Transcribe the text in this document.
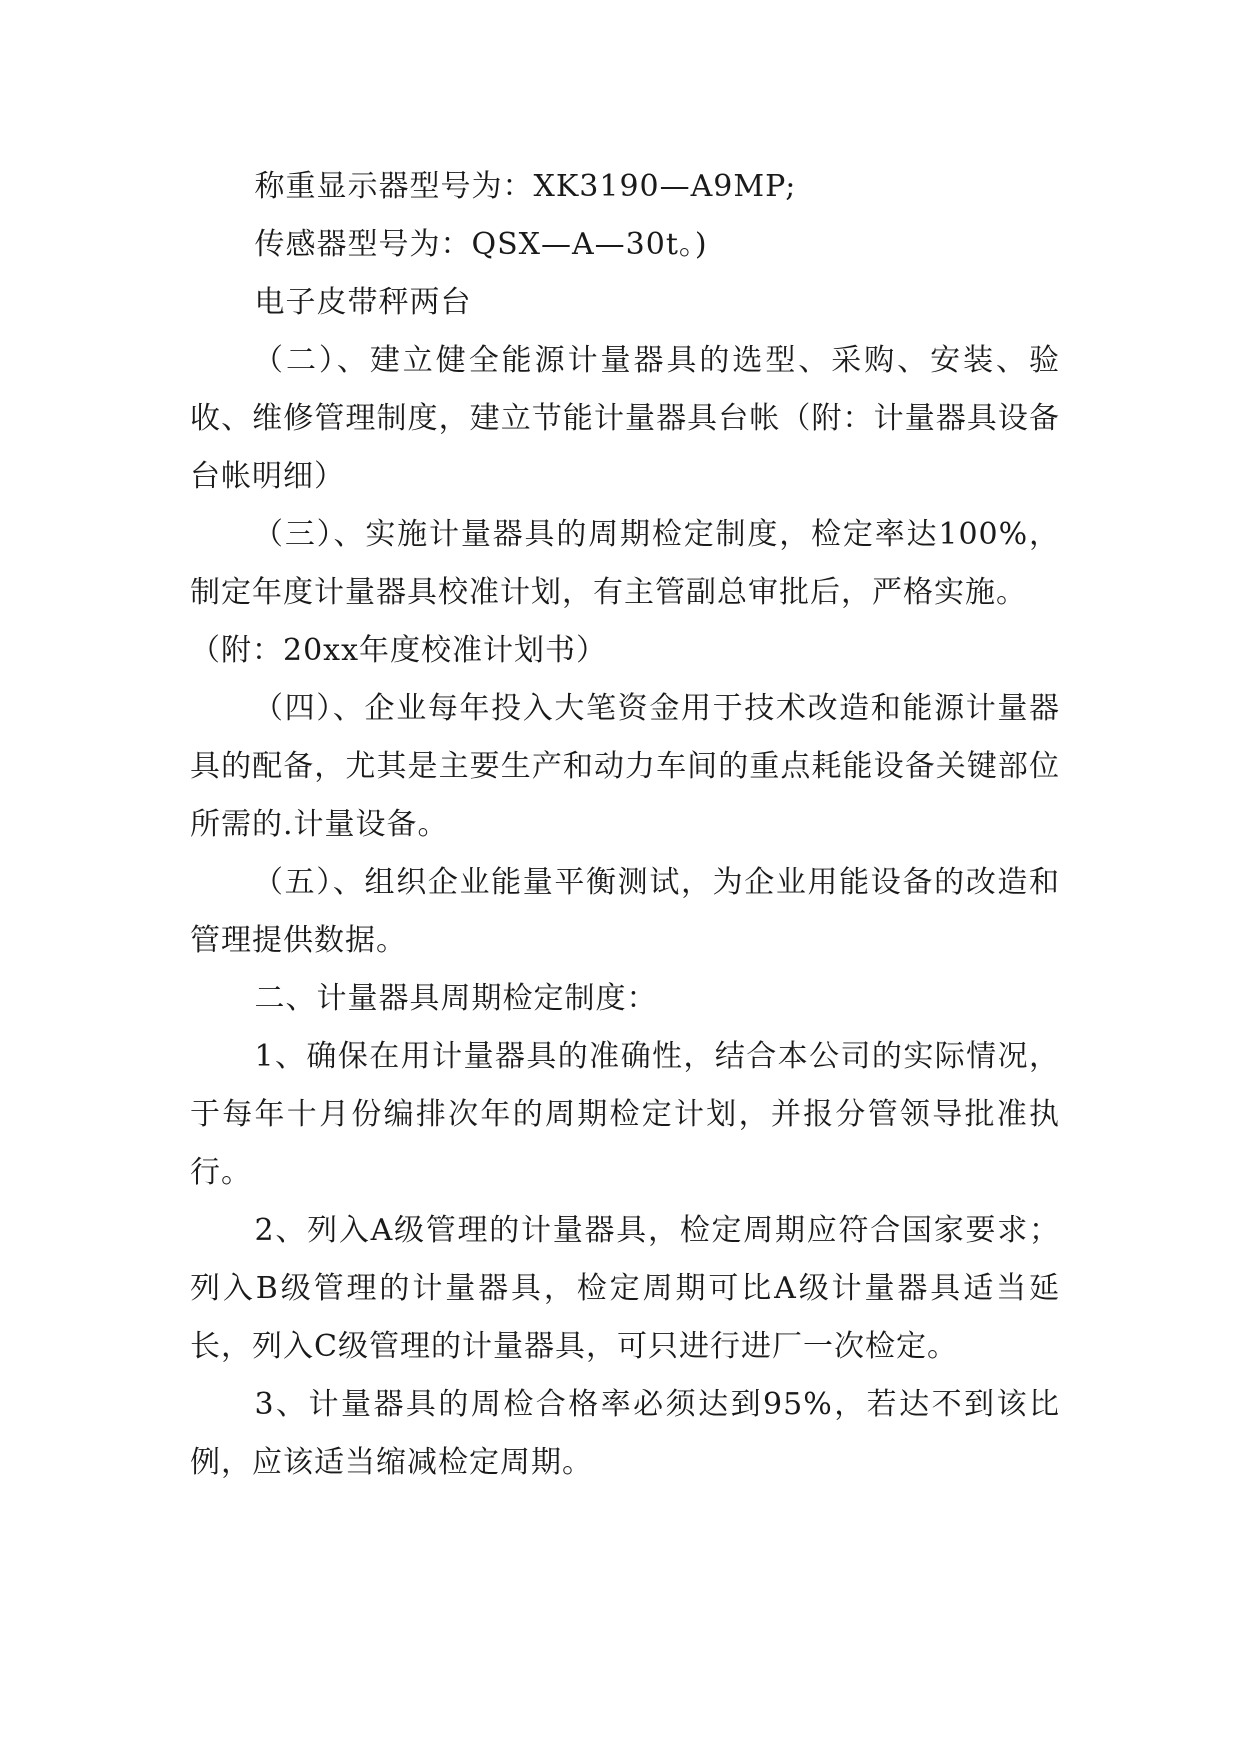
称重显示器型号为：XK3190—A9MP;

传感器型号为：QSX—A—30t。)

电子皮带秤两台

（二）、建立健全能源计量器具的选型、采购、安装、验收、维修管理制度，建立节能计量器具台帐（附：计量器具设备台帐明细）

（三）、实施计量器具的周期检定制度，检定率达100%，制定年度计量器具校准计划，有主管副总审批后，严格实施。

（附：20xx年度校准计划书）

（四）、企业每年投入大笔资金用于技术改造和能源计量器具的配备，尤其是主要生产和动力车间的重点耗能设备关键部位所需的.计量设备。

（五）、组织企业能量平衡测试，为企业用能设备的改造和管理提供数据。

二、计量器具周期检定制度：

1、确保在用计量器具的准确性，结合本公司的实际情况，于每年十月份编排次年的周期检定计划，并报分管领导批准执行。

2、列入A级管理的计量器具，检定周期应符合国家要求；列入B级管理的计量器具，检定周期可比A级计量器具适当延长，列入C级管理的计量器具，可只进行进厂一次检定。

3、计量器具的周检合格率必须达到95%，若达不到该比例，应该适当缩减检定周期。
